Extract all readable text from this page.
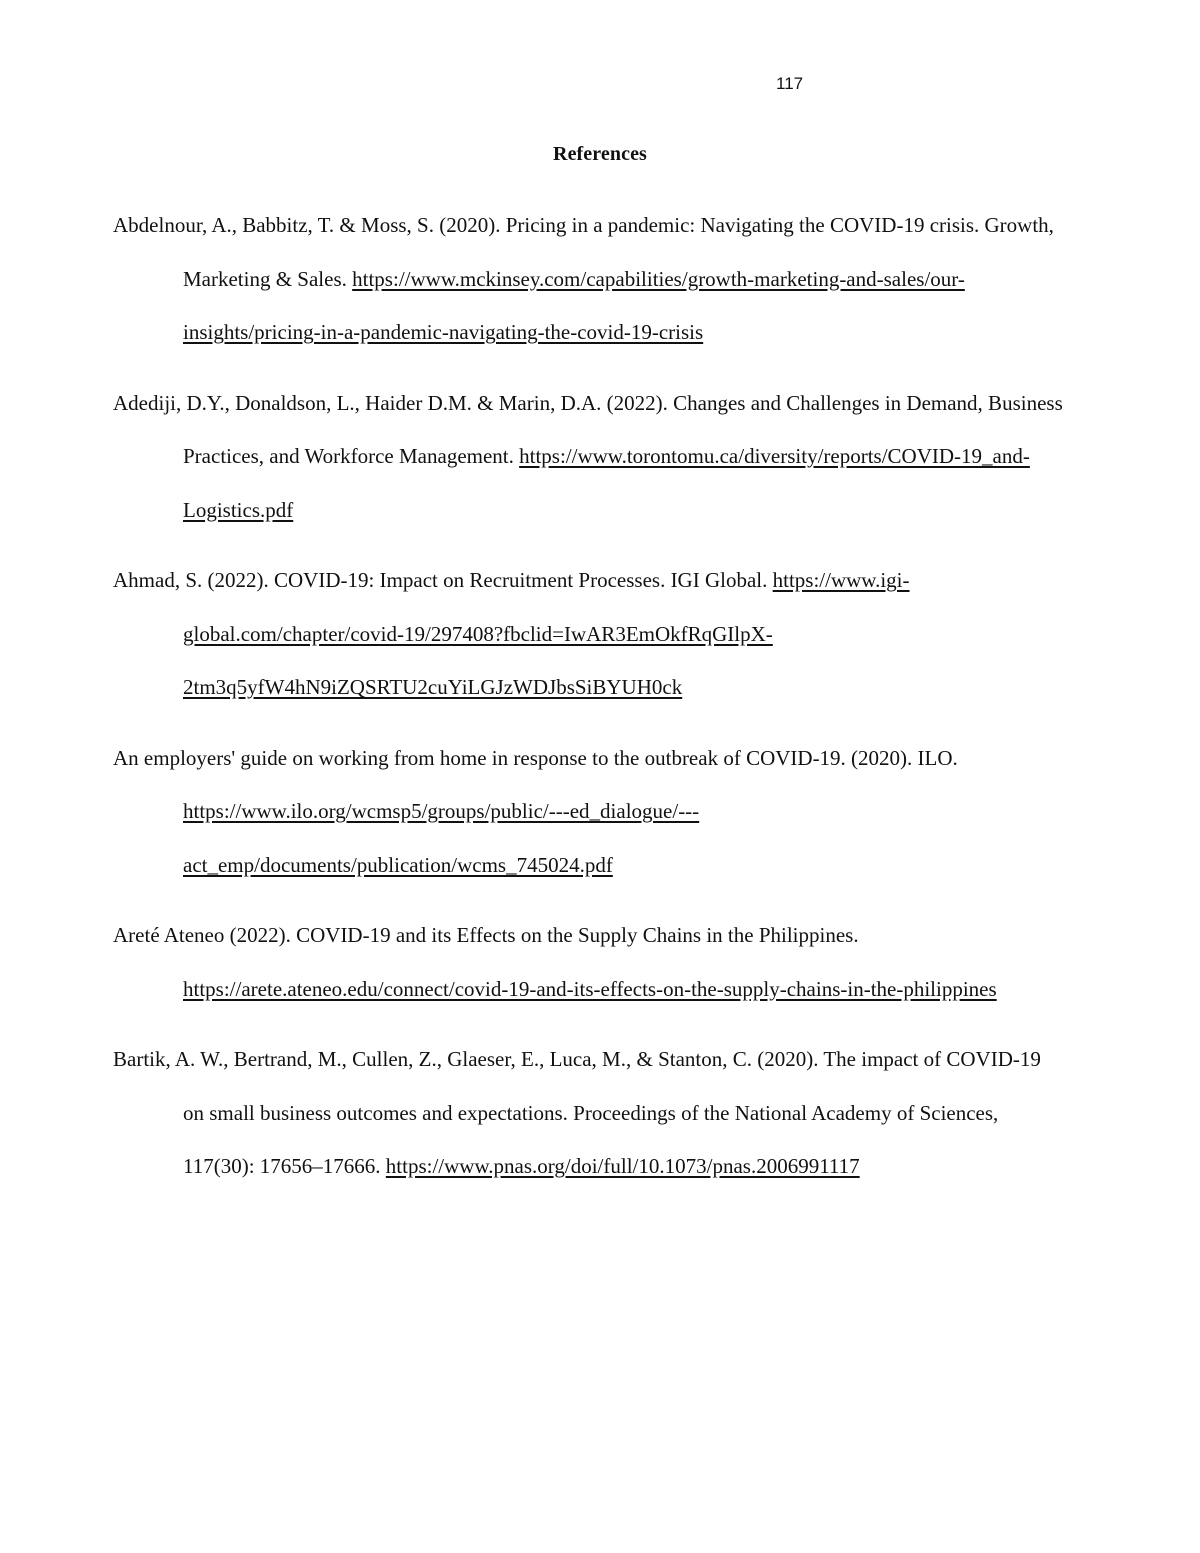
117
References

Abdelnour, A., Babbitz, T. & Moss, S. (2020). Pricing in a pandemic: Navigating the COVID-19 crisis. Growth, Marketing & Sales. https://www.mckinsey.com/capabilities/growth-marketing-and-sales/our-insights/pricing-in-a-pandemic-navigating-the-covid-19-crisis

Adediji, D.Y., Donaldson, L., Haider D.M. & Marin, D.A. (2022). Changes and Challenges in Demand, Business Practices, and Workforce Management. https://www.torontomu.ca/diversity/reports/COVID-19_and-Logistics.pdf

Ahmad, S. (2022). COVID-19: Impact on Recruitment Processes. IGI Global. https://www.igi-global.com/chapter/covid-19/297408?fbclid=IwAR3EmOkfRqGIlpX-2tm3q5yfW4hN9iZQSRTU2cuYiLGJzWDJbsSiBYUH0ck

An employers' guide on working from home in response to the outbreak of COVID-19. (2020). ILO. https://www.ilo.org/wcmsp5/groups/public/---ed_dialogue/---act_emp/documents/publication/wcms_745024.pdf

Areté Ateneo (2022). COVID-19 and its Effects on the Supply Chains in the Philippines. https://arete.ateneo.edu/connect/covid-19-and-its-effects-on-the-supply-chains-in-the-philippines

Bartik, A. W., Bertrand, M., Cullen, Z., Glaeser, E., Luca, M., & Stanton, C. (2020). The impact of COVID-19 on small business outcomes and expectations. Proceedings of the National Academy of Sciences, 117(30): 17656–17666. https://www.pnas.org/doi/full/10.1073/pnas.2006991117
